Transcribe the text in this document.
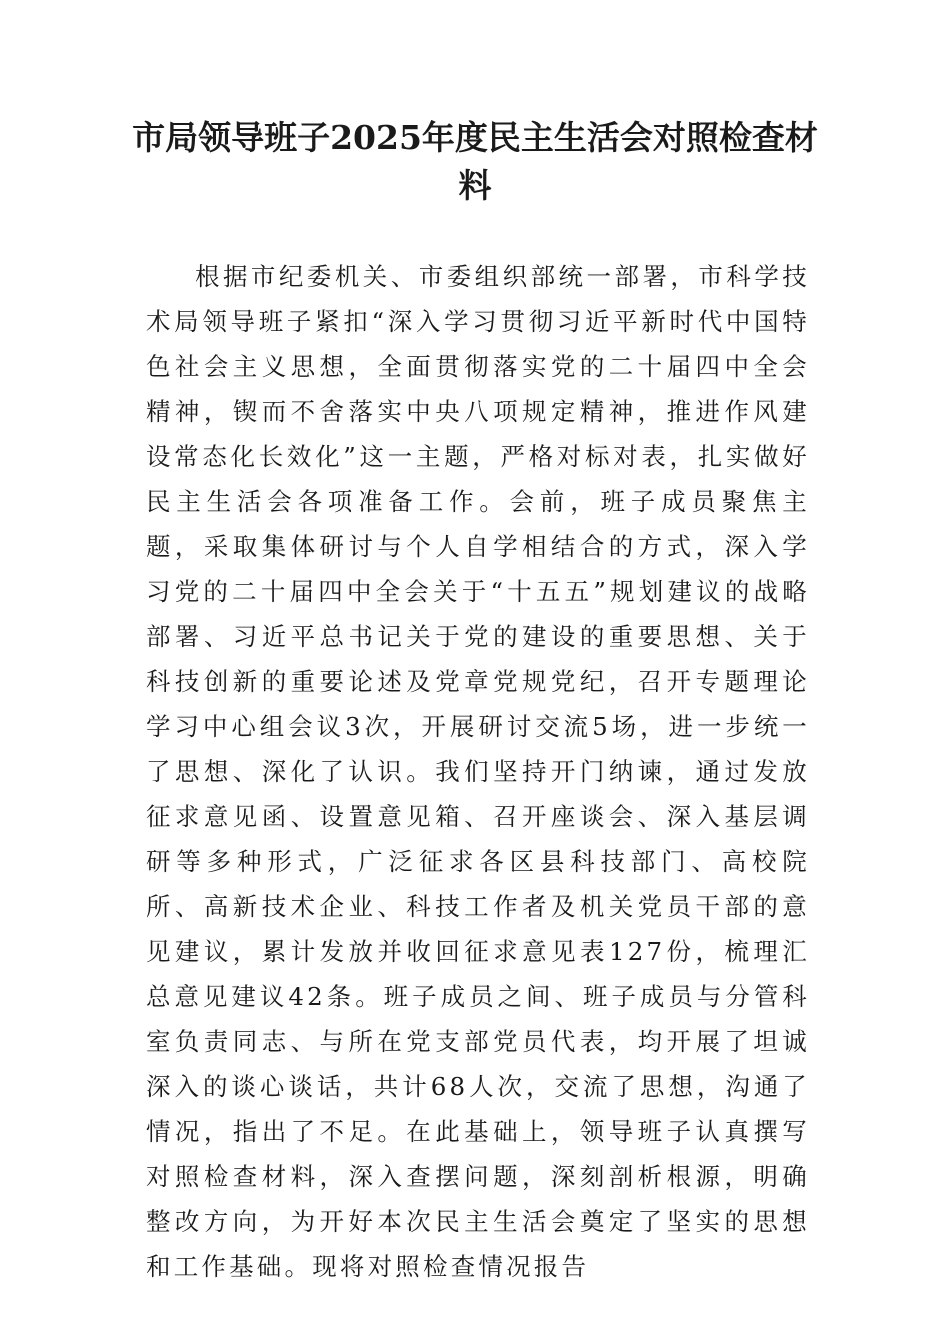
市局领导班子2025年度民主生活会对照检查材料

根据市纪委机关、市委组织部统一部署，市科学技术局领导班子紧扣“深入学习贯彻习近平新时代中国特色社会主义思想，全面贯彻落实党的二十届四中全会精神，锲而不舍落实中央八项规定精神，推进作风建设常态化长效化”这一主题，严格对标对表，扎实做好民主生活会各项准备工作。会前，班子成员聚焦主题，采取集体研讨与个人自学相结合的方式，深入学习党的二十届四中全会关于“十五五”规划建议的战略部署、习近平总书记关于党的建设的重要思想、关于科技创新的重要论述及党章党规党纪，召开专题理论学习中心组会议3次，开展研讨交流5场，进一步统一了思想、深化了认识。我们坚持开门纳谏，通过发放征求意见函、设置意见箱、召开座谈会、深入基层调研等多种形式，广泛征求各区县科技部门、高校院所、高新技术企业、科技工作者及机关党员干部的意见建议，累计发放并收回征求意见表127份，梳理汇总意见建议42条。班子成员之间、班子成员与分管科室负责同志、与所在党支部党员代表，均开展了坦诚深入的谈心谈话，共计68人次，交流了思想，沟通了情况，指出了不足。在此基础上，领导班子认真撰写对照检查材料，深入查摆问题，深刻剖析根源，明确整改方向，为开好本次民主生活会奠定了坚实的思想和工作基础。现将对照检查情况报告
